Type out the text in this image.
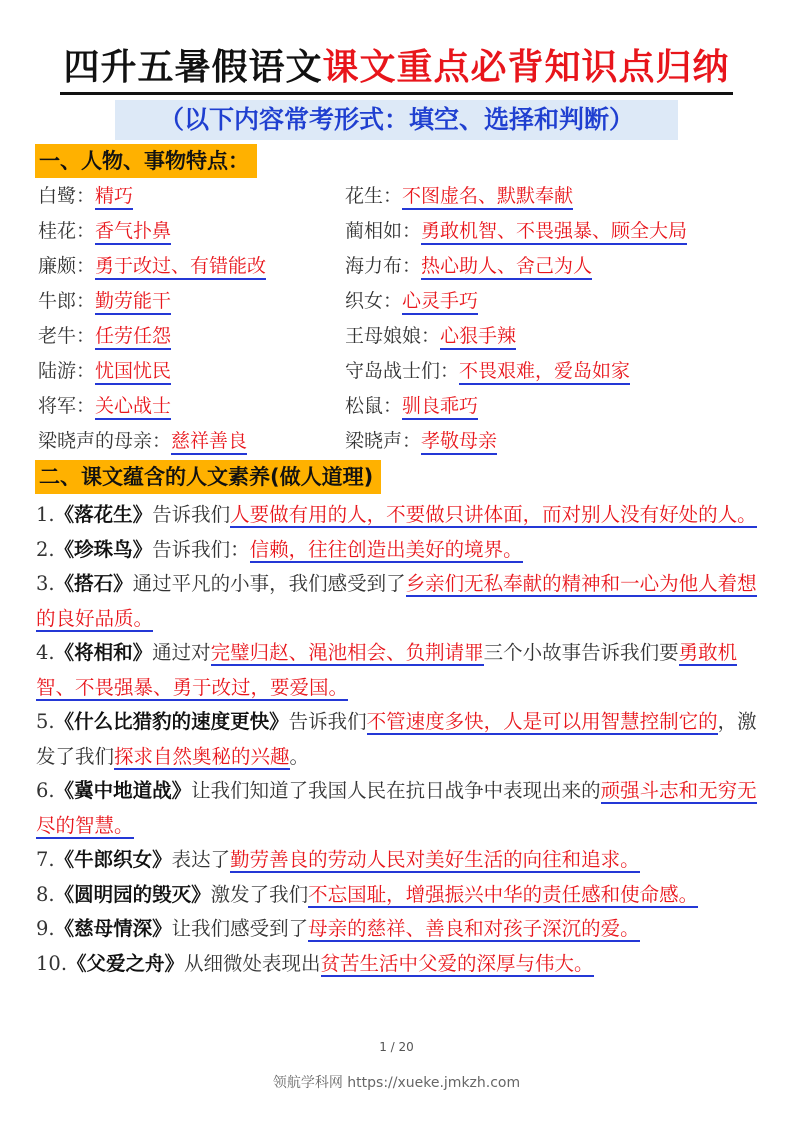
四升五暑假语文课文重点必背知识点归纳
（以下内容常考形式：填空、选择和判断）
一、人物、事物特点：
白鹭：精巧
桂花：香气扑鼻
廉颇：勇于改过、有错能改
牛郎：勤劳能干
老牛：任劳任怨
陆游：忧国忧民
将军：关心战士
梁晓声的母亲：慈祥善良
花生：不图虚名、默默奉献
蔺相如：勇敢机智、不畏强暴、顾全大局
海力布：热心助人、舍己为人
织女：心灵手巧
王母娘娘：心狠手辣
守岛战士们：不畏艰难，爱岛如家
松鼠：驯良乖巧
梁晓声：孝敬母亲
二、课文蕴含的人文素养(做人道理)

1.《落花生》告诉我们人要做有用的人，不要做只讲体面，而对别人没有好处的人。

2.《珍珠鸟》告诉我们：信赖，往往创造出美好的境界。

3.《搭石》通过平凡的小事，我们感受到了乡亲们无私奉献的精神和一心为他人着想的良好品质。

4.《将相和》通过对完璧归赵、渑池相会、负荆请罪三个小故事告诉我们要勇敢机智、不畏强暴、勇于改过，要爱国。

5.《什么比猎豹的速度更快》告诉我们不管速度多快，人是可以用智慧控制它的，激发了我们探求自然奥秘的兴趣。

6.《冀中地道战》让我们知道了我国人民在抗日战争中表现出来的顽强斗志和无穷无尽的智慧。

7.《牛郎织女》表达了勤劳善良的劳动人民对美好生活的向往和追求。

8.《圆明园的毁灭》激发了我们不忘国耻，增强振兴中华的责任感和使命感。

9.《慈母情深》让我们感受到了母亲的慈祥、善良和对孩子深沉的爱。

10.《父爱之舟》从细微处表现出贫苦生活中父爱的深厚与伟大。

1 / 20
领航学科网 https://xueke.jmkzh.com
